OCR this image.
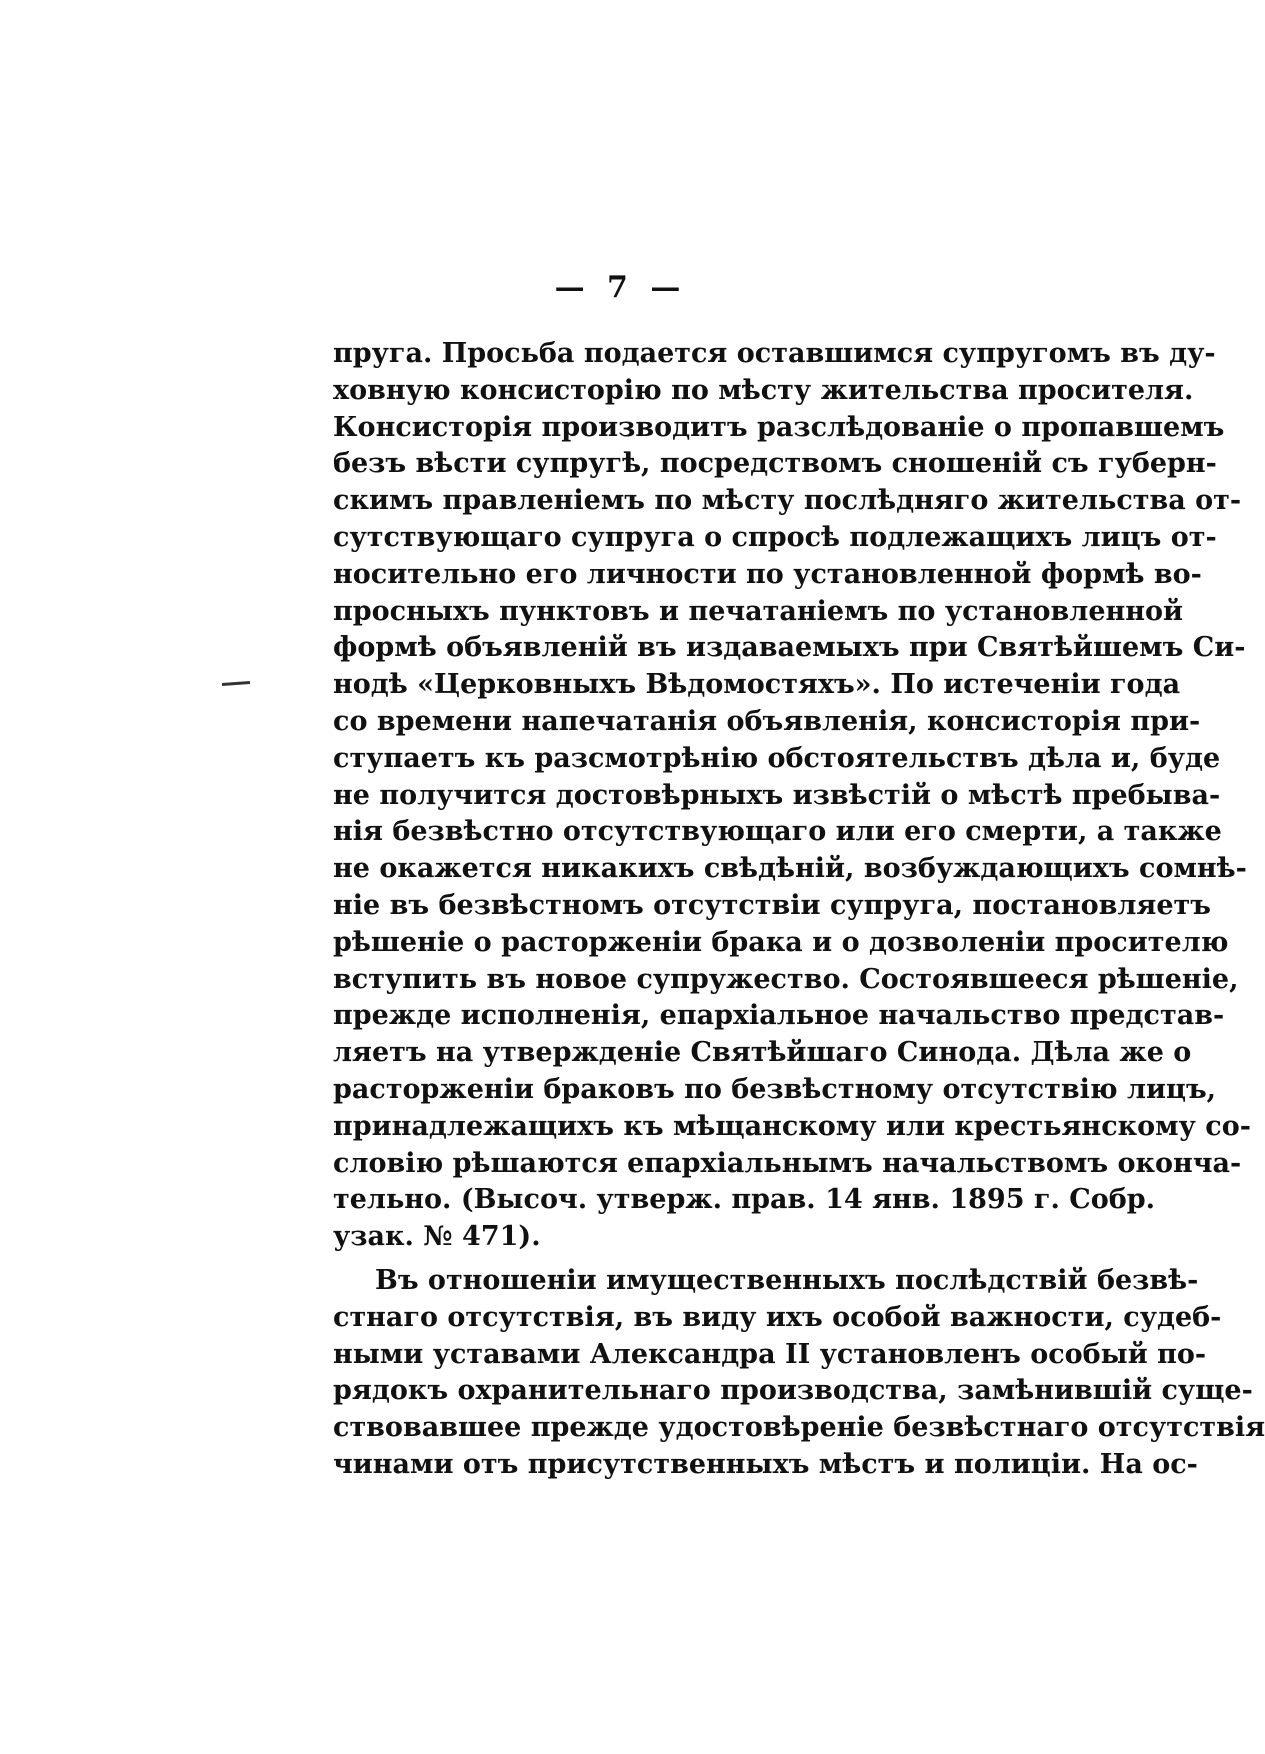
— 7 —
пруга. Просьба подается оставшимся супругомъ въ ду-
ховную консисторію по мѣсту жительства просителя.
Консисторія производитъ разслѣдованіе о пропавшемъ
безъ вѣсти супругѣ, посредствомъ сношеній съ губерн-
скимъ правленіемъ по мѣсту послѣдняго жительства от-
сутствующаго супруга о спросѣ подлежащихъ лицъ от-
носительно его личности по установленной формѣ во-
просныхъ пунктовъ и печатаніемъ по установленной
формѣ объявленій въ издаваемыхъ при Святѣйшемъ Си-
нодѣ «Церковныхъ Вѣдомостяхъ». По истеченіи года
со времени напечатанія объявленія, консисторія при-
ступаетъ къ разсмотрѣнію обстоятельствъ дѣла и, буде
не получится достовѣрныхъ извѣстій о мѣстѣ пребыва-
нія безвѣстно отсутствующаго или его смерти, а также
не окажется никакихъ свѣдѣній, возбуждающихъ сомнѣ-
ніе въ безвѣстномъ отсутствіи супруга, постановляетъ
рѣшеніе о расторженіи брака и о дозволеніи просителю
вступить въ новое супружество. Состоявшееся рѣшеніе,
прежде исполненія, епархіальное начальство представ-
ляетъ на утвержденіе Святѣйшаго Синода. Дѣла же о
расторженіи браковъ по безвѣстному отсутствію лицъ,
принадлежащихъ къ мѣщанскому или крестьянскому со-
словію рѣшаются епархіальнымъ начальствомъ оконча-
тельно. (Высоч. утверж. прав. 14 янв. 1895 г. Собр.
узак. № 471).
Въ отношеніи имущественныхъ послѣдствій безвѣ-
стнаго отсутствія, въ виду ихъ особой важности, судеб-
ными уставами Александра II установленъ особый по-
рядокъ охранительнаго производства, замѣнившій суще-
ствовавшее прежде удостовѣреніе безвѣстнаго отсутствія
чинами отъ присутственныхъ мѣстъ и полиціи. На ос-
